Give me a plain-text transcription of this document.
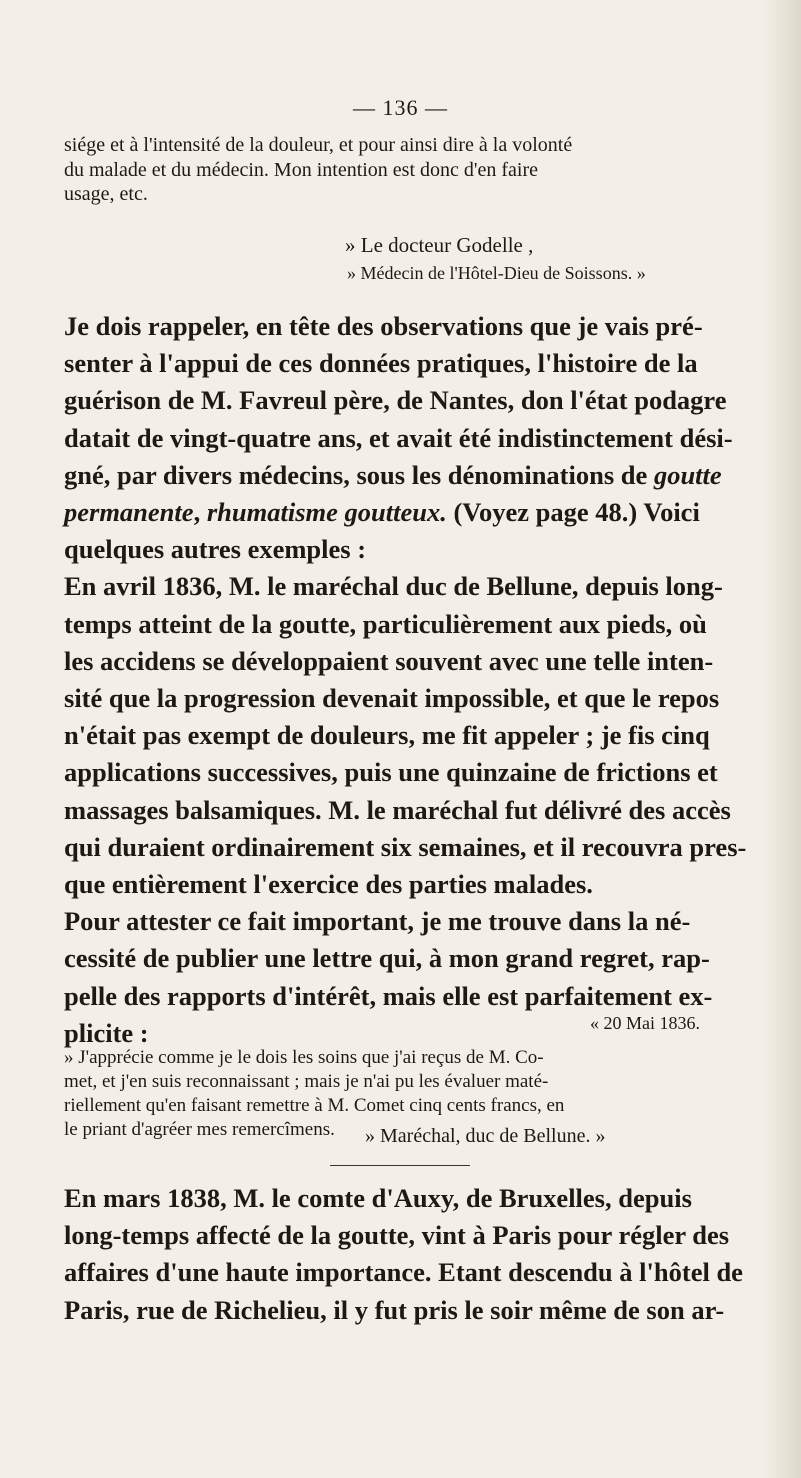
— 136 —
siége et à l'intensité de la douleur, et pour ainsi dire à la volonté
du malade et du médecin. Mon intention est donc d'en faire
usage, etc.
» Le docteur Godelle ,
» Médecin de l'Hôtel-Dieu de Soissons. »
Je dois rappeler, en tête des observations que je vais pré-
senter à l'appui de ces données pratiques, l'histoire de la
guérison de M. Favreul père, de Nantes, don l'état podagre
datait de vingt-quatre ans, et avait été indistinctement dési-
gné, par divers médecins, sous les dénominations de goutte
permanente, rhumatisme goutteux. (Voyez page 48.) Voici
quelques autres exemples :
En avril 1836, M. le maréchal duc de Bellune, depuis long-
temps atteint de la goutte, particulièrement aux pieds, où
les accidens se développaient souvent avec une telle inten-
sité que la progression devenait impossible, et que le repos
n'était pas exempt de douleurs, me fit appeler ; je fis cinq
applications successives, puis une quinzaine de frictions et
massages balsamiques. M. le maréchal fut délivré des accès
qui duraient ordinairement six semaines, et il recouvra pres-
que entièrement l'exercice des parties malades.
Pour attester ce fait important, je me trouve dans la né-
cessité de publier une lettre qui, à mon grand regret, rap-
pelle des rapports d'intérêt, mais elle est parfaitement ex-
plicite :	« 20 Mai 1836.
» J'apprécie comme je le dois les soins que j'ai reçus de M. Co-
met, et j'en suis reconnaissant ; mais je n'ai pu les évaluer maté-
riellement qu'en faisant remettre à M. Comet cinq cents francs, en
le priant d'agréer mes remercîmens.	» Maréchal, duc de Bellune. »
En mars 1838, M. le comte d'Auxy, de Bruxelles, depuis
long-temps affecté de la goutte, vint à Paris pour régler des
affaires d'une haute importance. Etant descendu à l'hôtel de
Paris, rue de Richelieu, il y fut pris le soir même de son ar-
